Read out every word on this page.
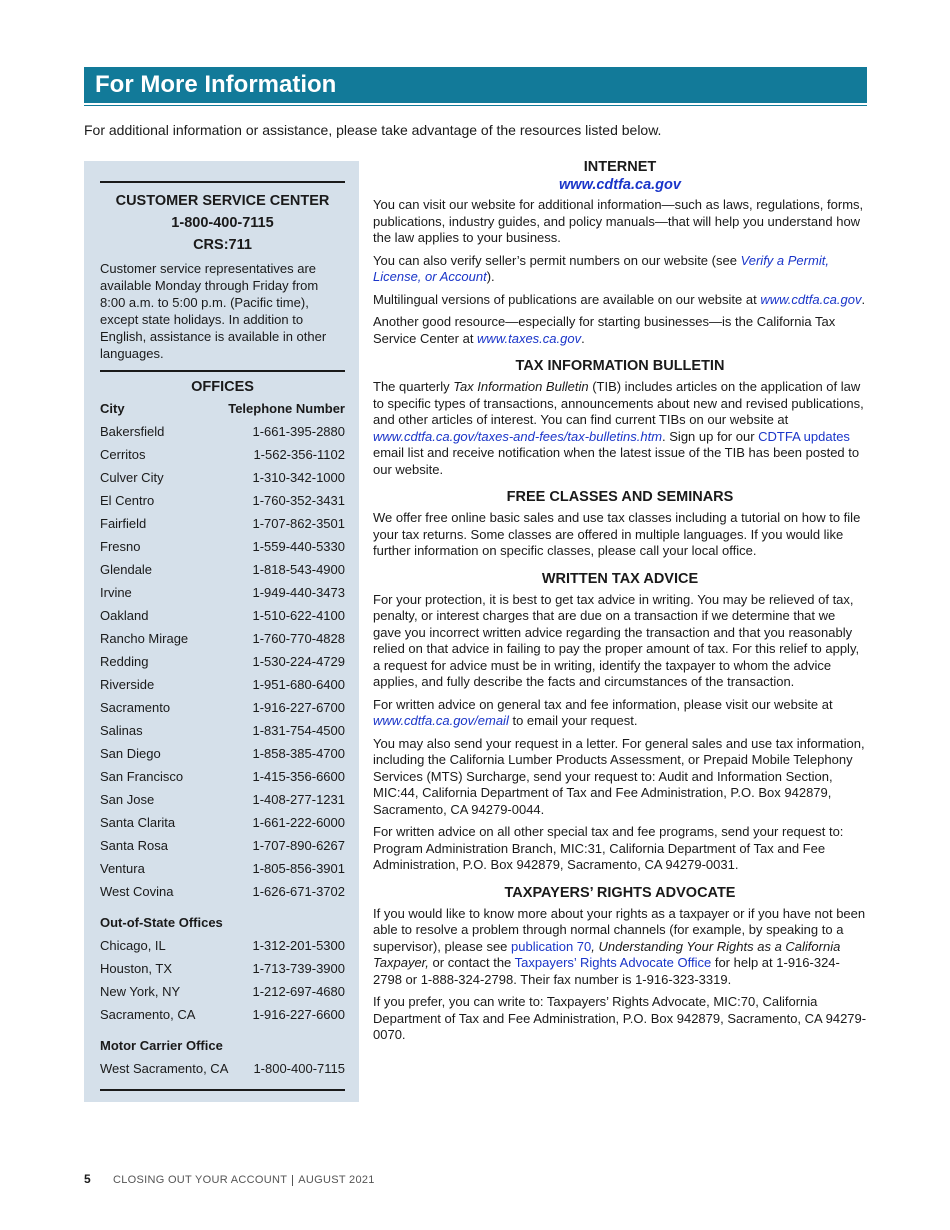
For More Information

For additional information or assistance, please take advantage of the resources listed below.

CUSTOMER SERVICE CENTER

1-800-400-7115

CRS:711

Customer service representatives are available Monday through Friday from 8:00 a.m. to 5:00 p.m. (Pacific time), except state holidays. In addition to English, assistance is available in other languages.

OFFICES

City	Telephone Number
Bakersfield	1-661-395-2880
Cerritos	1-562-356-1102
Culver City	1-310-342-1000
El Centro	1-760-352-3431
Fairfield	1-707-862-3501
Fresno	1-559-440-5330
Glendale	1-818-543-4900
Irvine	1-949-440-3473
Oakland	1-510-622-4100
Rancho Mirage	1-760-770-4828
Redding	1-530-224-4729
Riverside	1-951-680-6400
Sacramento	1-916-227-6700
Salinas	1-831-754-4500
San Diego	1-858-385-4700
San Francisco	1-415-356-6600
San Jose	1-408-277-1231
Santa Clarita	1-661-222-6000
Santa Rosa	1-707-890-6267
Ventura	1-805-856-3901
West Covina	1-626-671-3702
Out-of-State Offices
Chicago, IL	1-312-201-5300
Houston, TX	1-713-739-3900
New York, NY	1-212-697-4680
Sacramento, CA	1-916-227-6600
Motor Carrier Office
West Sacramento, CA 1-800-400-7115
INTERNET
www.cdtfa.ca.gov

You can visit our website for additional information—such as laws, regulations, forms, publications, industry guides, and policy manuals—that will help you understand how the law applies to your business.

You can also verify seller’s permit numbers on our website (see Verify a Permit, License, or Account).

Multilingual versions of publications are available on our website at www.cdtfa.ca.gov.

Another good resource—especially for starting businesses—is the California Tax Service Center at www.taxes.ca.gov.

TAX INFORMATION BULLETIN

The quarterly Tax Information Bulletin (TIB) includes articles on the application of law to specific types of transactions, announcements about new and revised publications, and other articles of interest. You can find current TIBs on our website at www.cdtfa.ca.gov/taxes-and-fees/tax-bulletins.htm. Sign up for our CDTFA updates email list and receive notification when the latest issue of the TIB has been posted to our website.

FREE CLASSES AND SEMINARS

We offer free online basic sales and use tax classes including a tutorial on how to file your tax returns. Some classes are offered in multiple languages. If you would like further information on specific classes, please call your local office.

WRITTEN TAX ADVICE

For your protection, it is best to get tax advice in writing. You may be relieved of tax, penalty, or interest charges that are due on a transaction if we determine that we gave you incorrect written advice regarding the transaction and that you reasonably relied on that advice in failing to pay the proper amount of tax. For this relief to apply, a request for advice must be in writing, identify the taxpayer to whom the advice applies, and fully describe the facts and circumstances of the transaction.

For written advice on general tax and fee information, please visit our website at www.cdtfa.ca.gov/email to email your request.

You may also send your request in a letter. For general sales and use tax information, including the California Lumber Products Assessment, or Prepaid Mobile Telephony Services (MTS) Surcharge, send your request to: Audit and Information Section, MIC:44, California Department of Tax and Fee Administration, P.O. Box 942879, Sacramento, CA 94279-0044.

For written advice on all other special tax and fee programs, send your request to: Program Administration Branch, MIC:31, California Department of Tax and Fee Administration, P.O. Box 942879, Sacramento, CA 94279-0031.

TAXPAYERS’ RIGHTS ADVOCATE

If you would like to know more about your rights as a taxpayer or if you have not been able to resolve a problem through normal channels (for example, by speaking to a supervisor), please see publication 70, Understanding Your Rights as a California Taxpayer, or contact the Taxpayers’ Rights Advocate Office for help at 1-916-324-2798 or 1-888-324-2798. Their fax number is 1-916-323-3319.

If you prefer, you can write to: Taxpayers’ Rights Advocate, MIC:70, California Department of Tax and Fee Administration, P.O. Box 942879, Sacramento, CA 94279-0070.

5 CLOSING OUT YOUR ACCOUNT AUGUST 2021
